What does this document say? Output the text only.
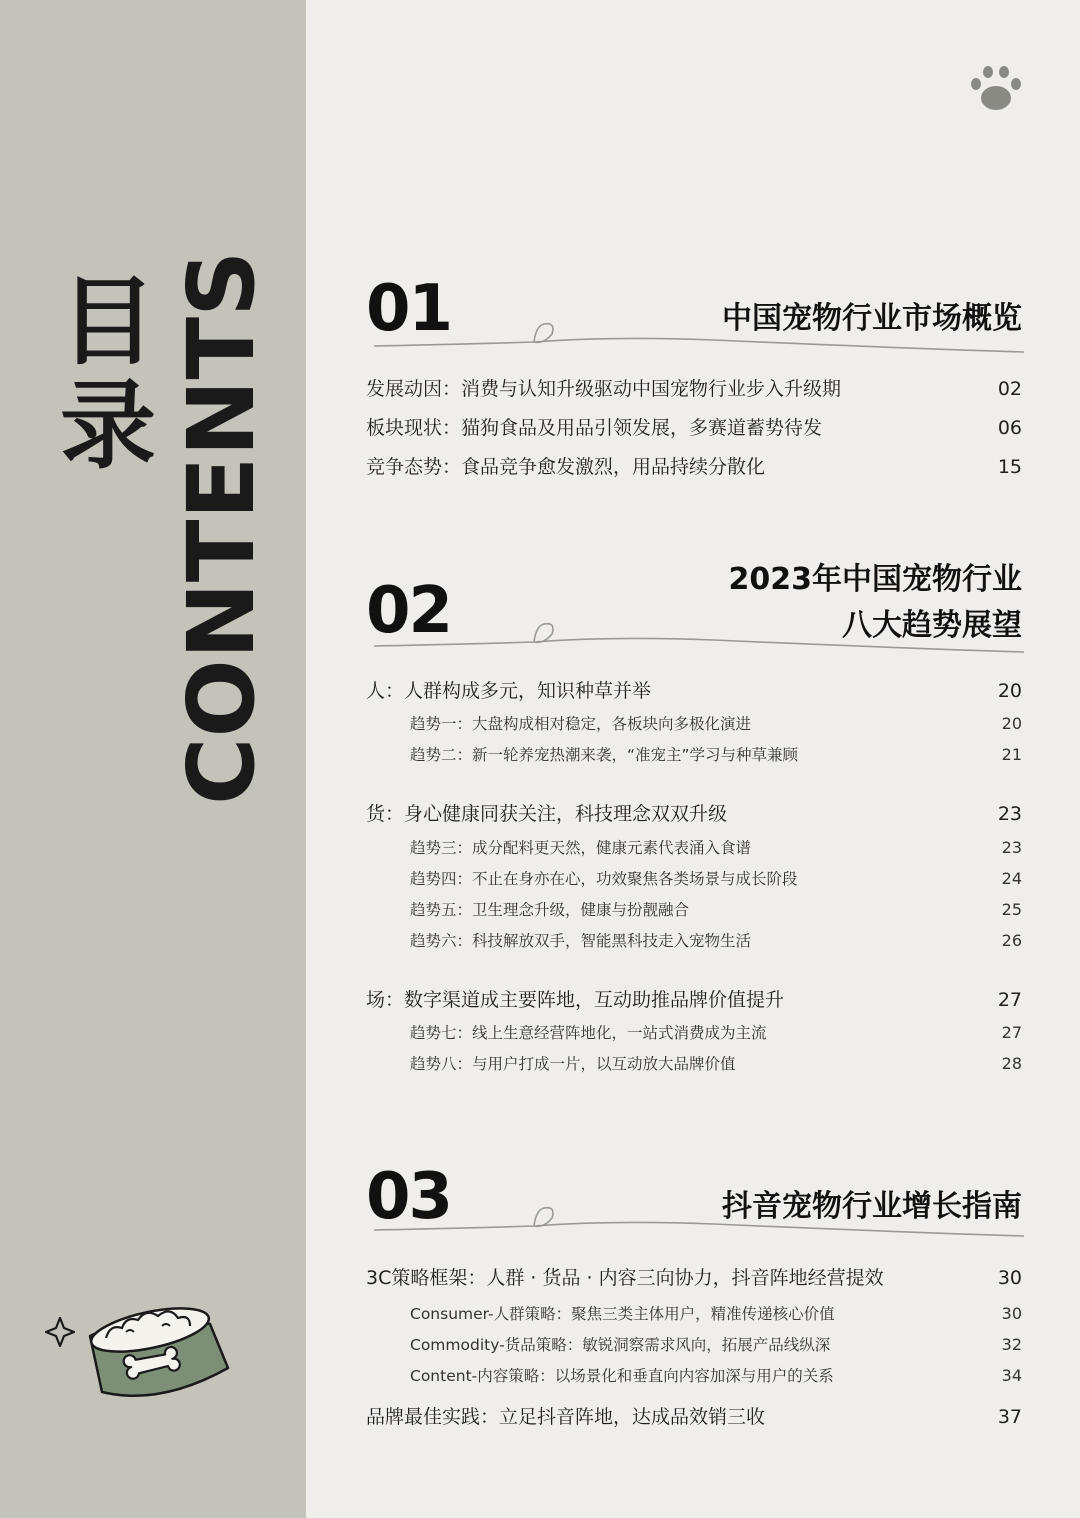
目
录 CONTENTS 01	中国宠物行业市场概览
发展动因：消费与认知升级驱动中国宠物行业步入升级期	02
板块现状：猫狗食品及用品引领发展，多赛道蓄势待发	06
竞争态势：食品竞争愈发激烈，用品持续分散化	15
02	2023年中国宠物行业
八大趋势展望
人：人群构成多元，知识种草并举	20
趋势一：大盘构成相对稳定，各板块向多极化演进	20
趋势二：新一轮养宠热潮来袭，“准宠主”学习与种草兼顾	21
货：身心健康同获关注，科技理念双双升级	23
趋势三：成分配料更天然，健康元素代表涌入食谱	23
趋势四：不止在身亦在心，功效聚焦各类场景与成长阶段	24
趋势五：卫生理念升级，健康与扮靓融合	25
趋势六：科技解放双手，智能黑科技走入宠物生活	26
场：数字渠道成主要阵地，互动助推品牌价值提升	27
趋势七：线上生意经营阵地化，一站式消费成为主流	27
趋势八：与用户打成一片，以互动放大品牌价值	28
03	抖音宠物行业增长指南
3C策略框架：人群 · 货品 · 内容三向协力，抖音阵地经营提效	30
Consumer-人群策略：聚焦三类主体用户，精准传递核心价值	30
Commodity-货品策略：敏锐洞察需求风向，拓展产品线纵深	32
Content-内容策略：以场景化和垂直向内容加深与用户的关系	34
品牌最佳实践：立足抖音阵地，达成品效销三收	37
